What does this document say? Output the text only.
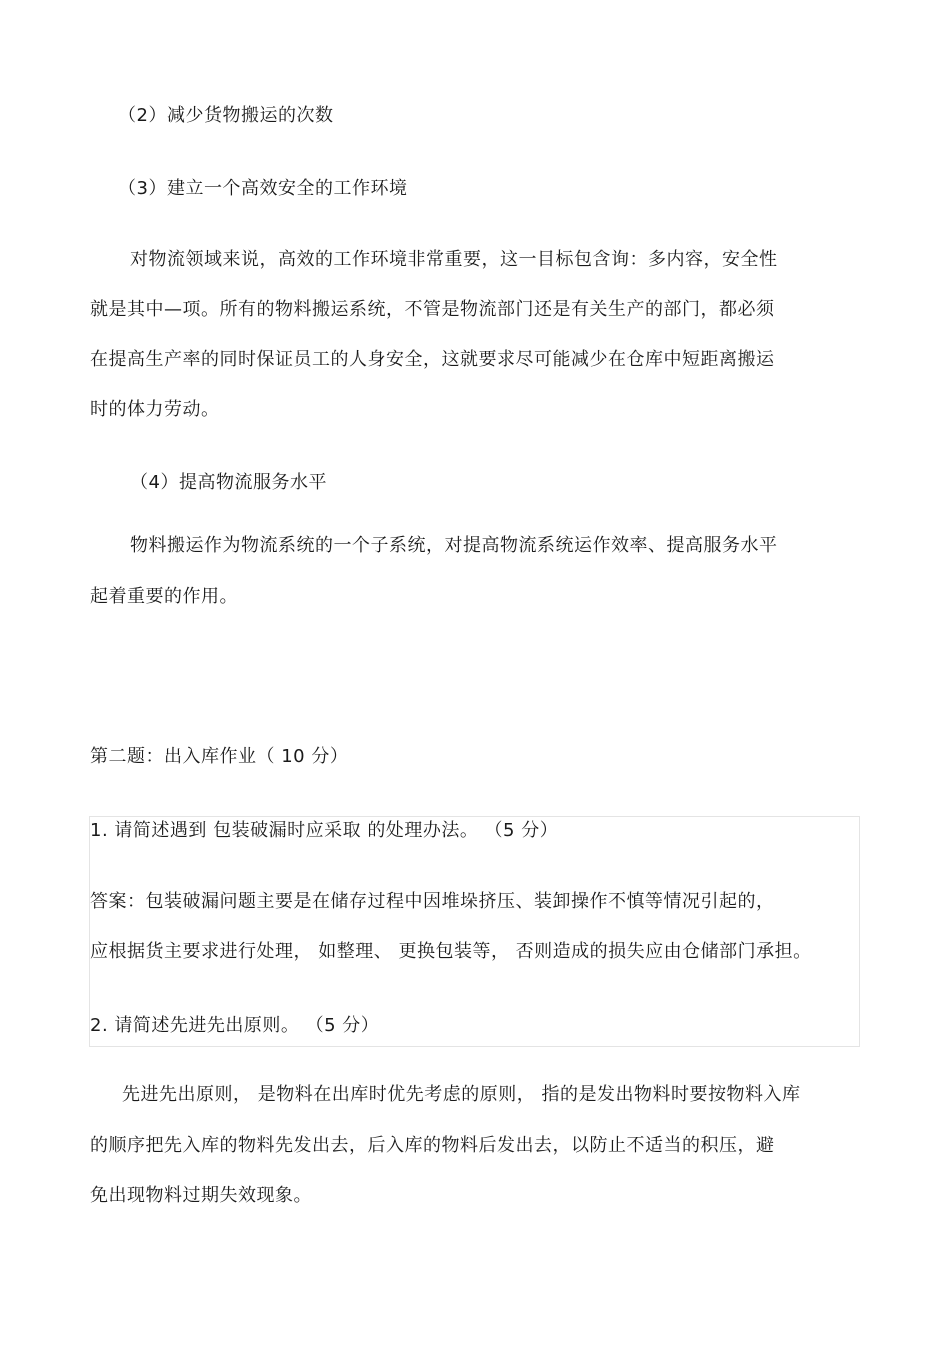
（2）减少货物搬运的次数
（3）建立一个高效安全的工作环境
对物流领域来说，高效的工作环境非常重要，这一目标包含询：多内容，安全性
就是其中—项。所有的物料搬运系统，不管是物流部门还是有关生产的部门，都必须
在提高生产率的同时保证员工的人身安全，这就要求尽可能减少在仓库中短距离搬运
时的体力劳动。
（4）提高物流服务水平
物料搬运作为物流系统的一个子系统，对提高物流系统运作效率、提高服务水平
起着重要的作用。
第二题：出入库作业（ 10 分）
1. 请简述遇到 包装破漏时应采取 的处理办法。 （5 分）
答案：包装破漏问题主要是在储存过程中因堆垛挤压、装卸操作不慎等情况引起的，
应根据货主要求进行处理， 如整理、 更换包装等， 否则造成的损失应由仓储部门承担。
2. 请简述先进先出原则。 （5 分）
先进先出原则， 是物料在出库时优先考虑的原则， 指的是发出物料时要按物料入库
的顺序把先入库的物料先发出去，后入库的物料后发出去，以防止不适当的积压，避
免出现物料过期失效现象。
